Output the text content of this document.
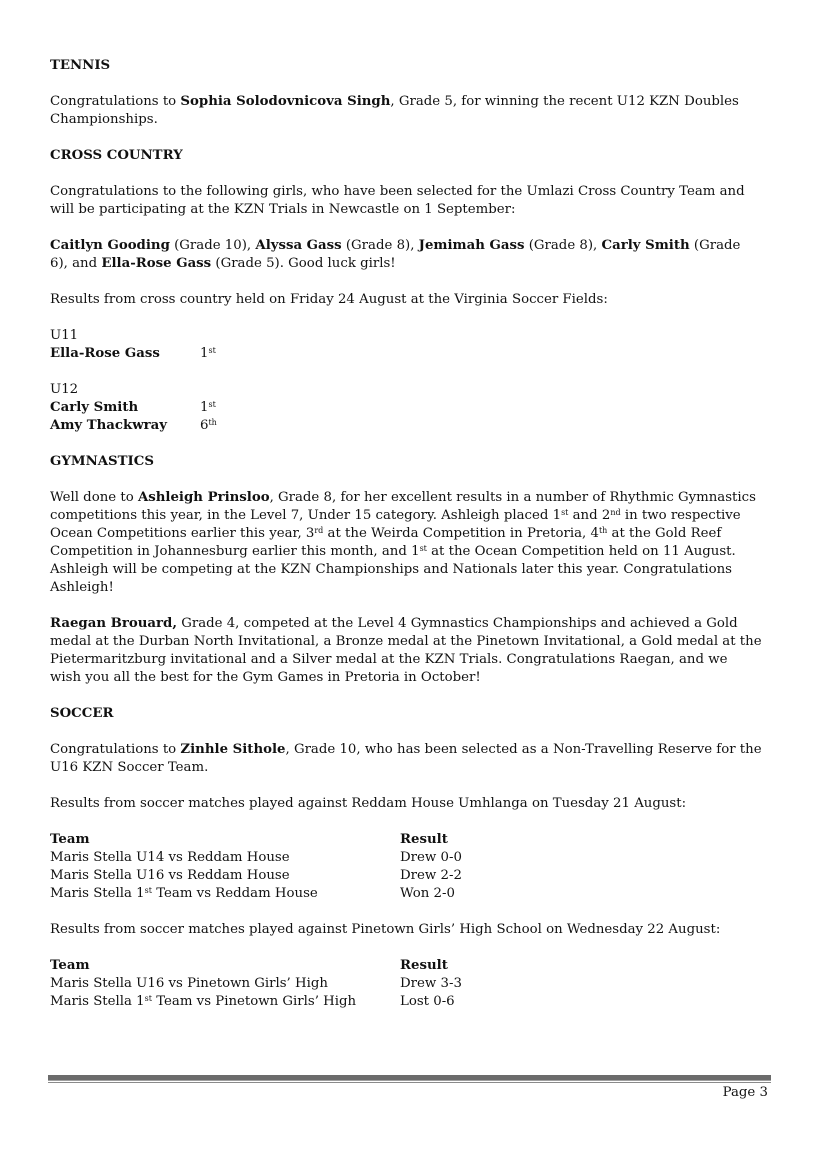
TENNIS

Congratulations to Sophia Solodovnicova Singh, Grade 5, for winning the recent U12 KZN Doubles Championships.

CROSS COUNTRY

Congratulations to the following girls, who have been selected for the Umlazi Cross Country Team and will be participating at the KZN Trials in Newcastle on 1 September:

Caitlyn Gooding (Grade 10), Alyssa Gass (Grade 8), Jemimah Gass (Grade 8), Carly Smith (Grade 6), and Ella-Rose Gass (Grade 5). Good luck girls!

Results from cross country held on Friday 24 August at the Virginia Soccer Fields:

U11
Ella-Rose Gass	1st
U12
Carly Smith	1st
Amy Thackwray	6th
GYMNASTICS

Well done to Ashleigh Prinsloo, Grade 8, for her excellent results in a number of Rhythmic Gymnastics competitions this year, in the Level 7, Under 15 category. Ashleigh placed 1st and 2nd in two respective Ocean Competitions earlier this year, 3rd at the Weirda Competition in Pretoria, 4th at the Gold Reef Competition in Johannesburg earlier this month, and 1st at the Ocean Competition held on 11 August. Ashleigh will be competing at the KZN Championships and Nationals later this year. Congratulations Ashleigh!

Raegan Brouard, Grade 4, competed at the Level 4 Gymnastics Championships and achieved a Gold medal at the Durban North Invitational, a Bronze medal at the Pinetown Invitational, a Gold medal at the Pietermaritzburg invitational and a Silver medal at the KZN Trials. Congratulations Raegan, and we wish you all the best for the Gym Games in Pretoria in October!

SOCCER

Congratulations to Zinhle Sithole, Grade 10, who has been selected as a Non-Travelling Reserve for the U16 KZN Soccer Team.

Results from soccer matches played against Reddam House Umhlanga on Tuesday 21 August:

Team	Result
Maris Stella U14 vs Reddam House	Drew 0-0
Maris Stella U16 vs Reddam House	Drew 2-2
Maris Stella 1st Team vs Reddam House	Won 2-0

Results from soccer matches played against Pinetown Girls’ High School on Wednesday 22 August:

Team	Result
Maris Stella U16 vs Pinetown Girls’ High	Drew 3-3
Maris Stella 1st Team vs Pinetown Girls’ High	Lost 0-6
Page 3
